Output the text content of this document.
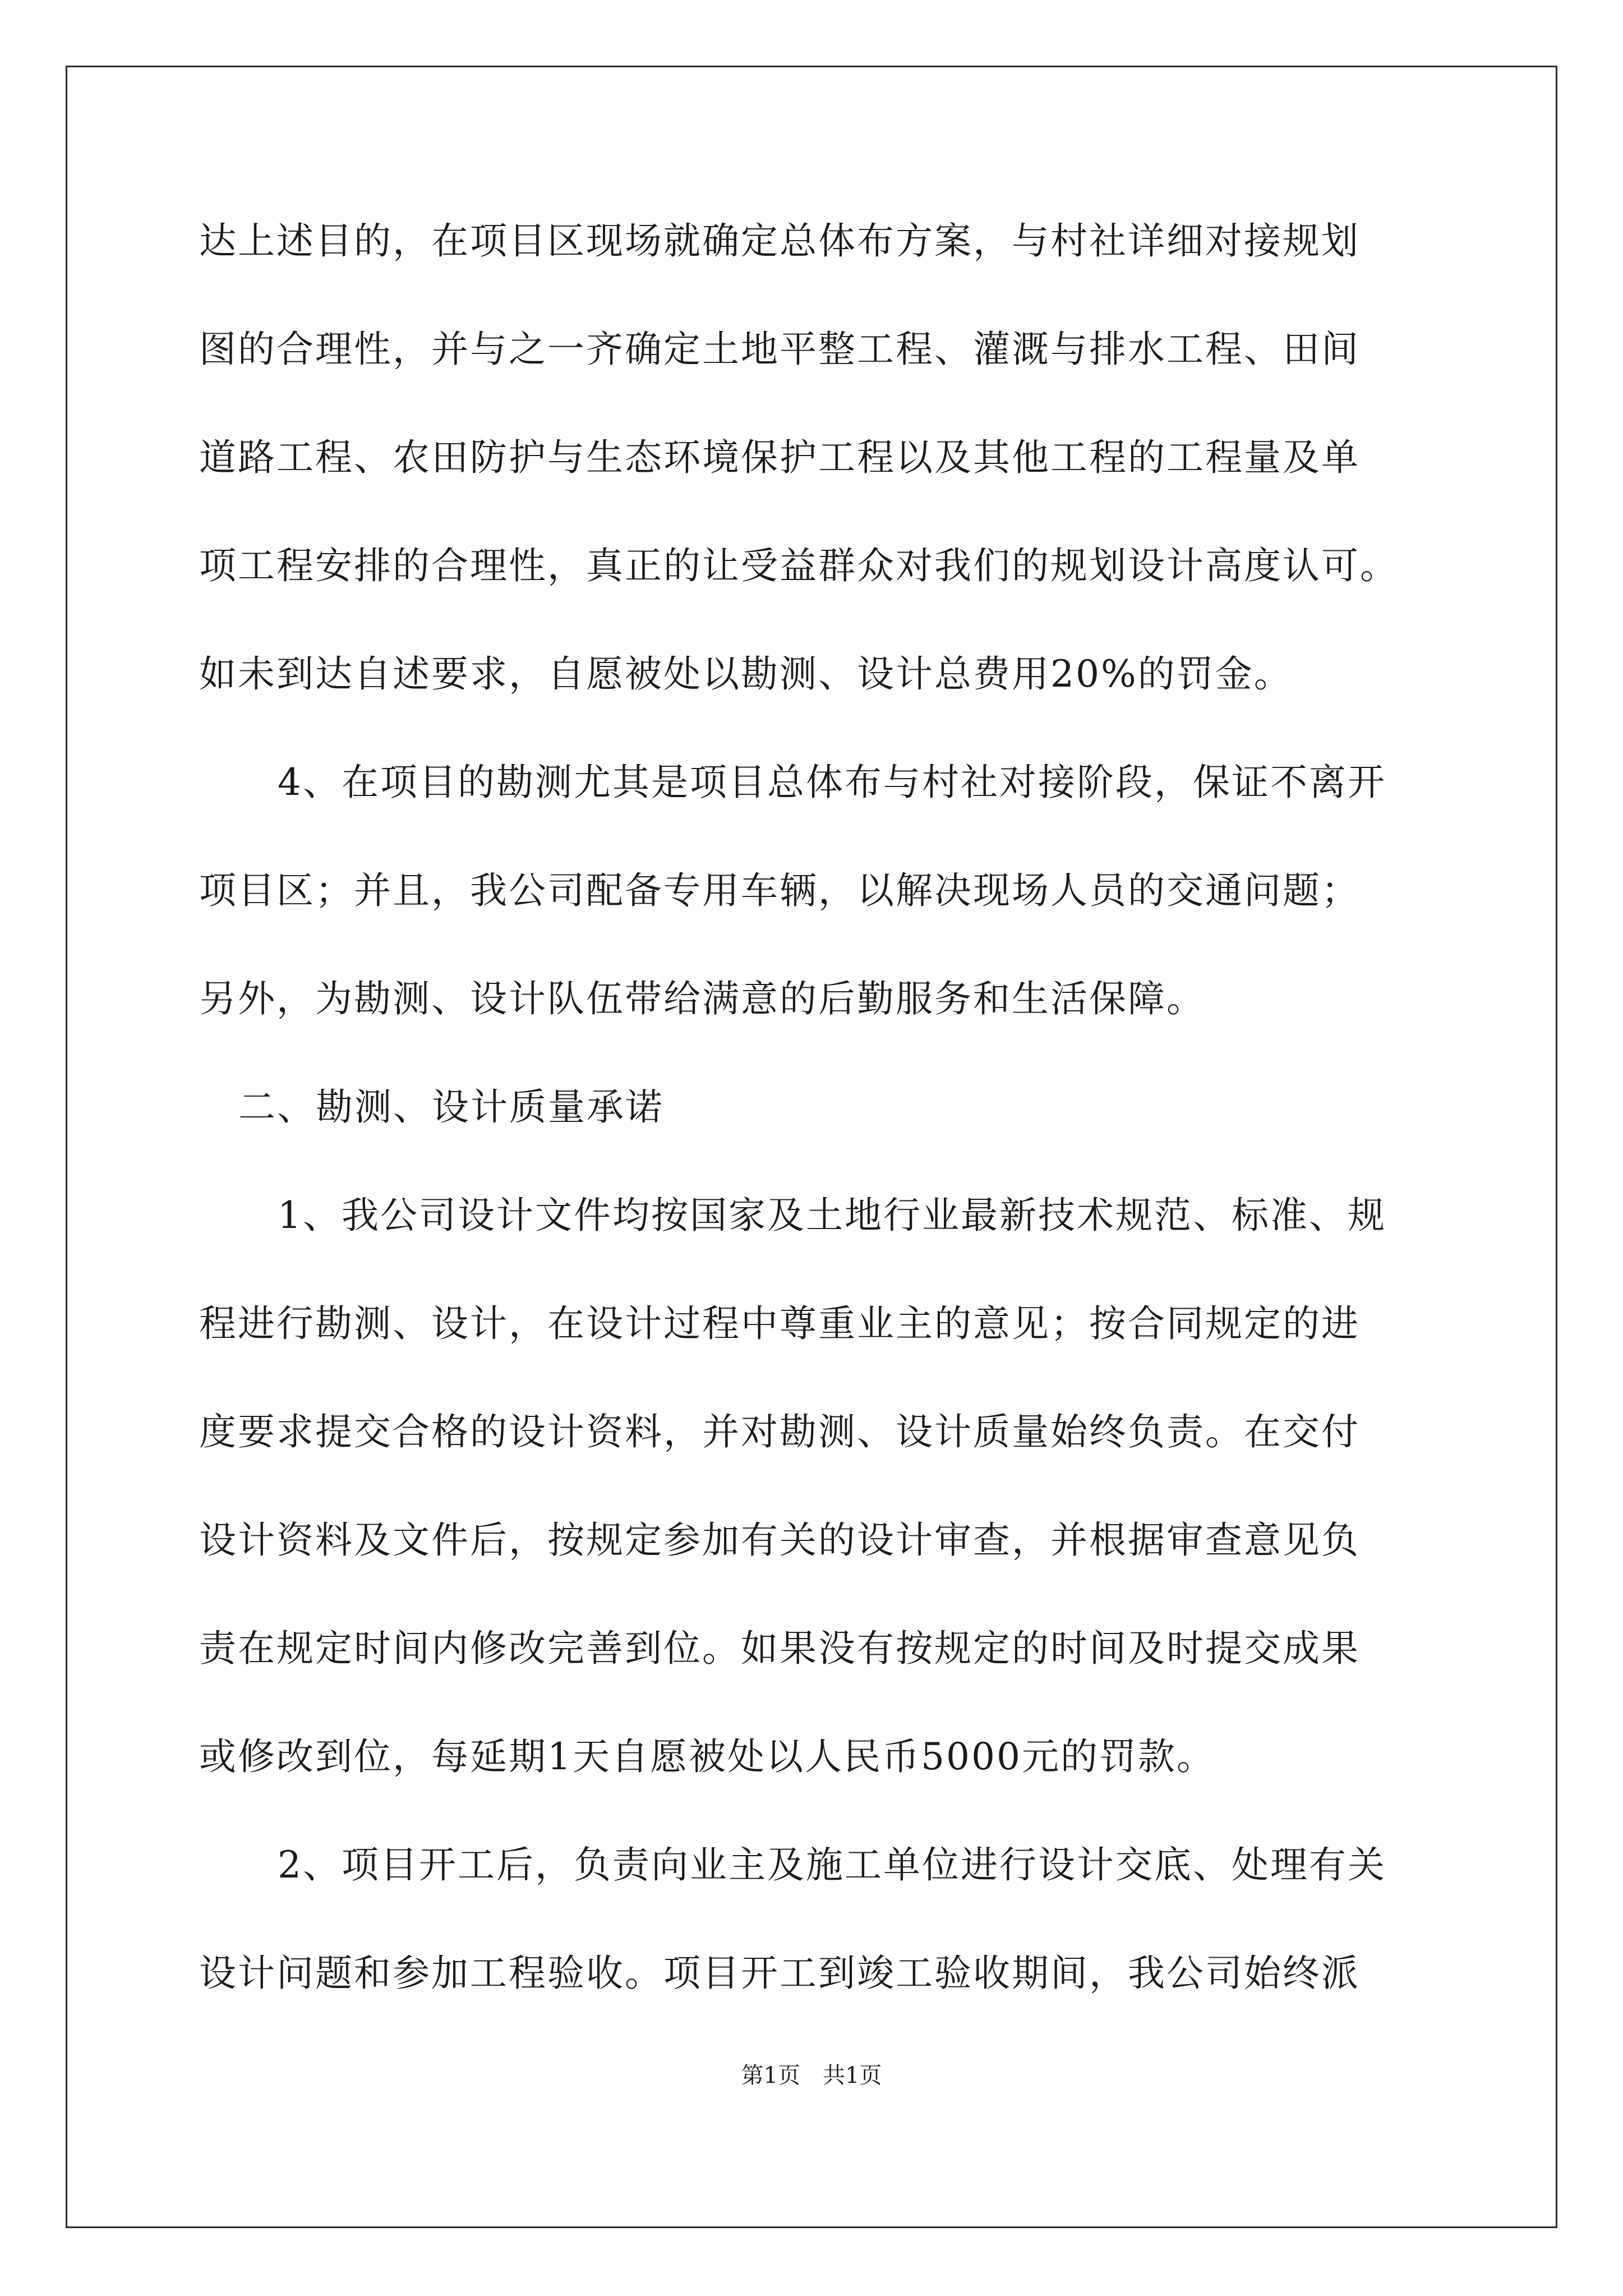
达上述目的，在项目区现场就确定总体布方案，与村社详细对接规划
图的合理性，并与之一齐确定土地平整工程、灌溉与排水工程、田间
道路工程、农田防护与生态环境保护工程以及其他工程的工程量及单
项工程安排的合理性，真正的让受益群众对我们的规划设计高度认可。
如未到达自述要求，自愿被处以勘测、设计总费用20%的罚金。
4、在项目的勘测尤其是项目总体布与村社对接阶段，保证不离开
项目区；并且，我公司配备专用车辆，以解决现场人员的交通问题；
另外，为勘测、设计队伍带给满意的后勤服务和生活保障。
二、勘测、设计质量承诺
1、我公司设计文件均按国家及土地行业最新技术规范、标准、规
程进行勘测、设计，在设计过程中尊重业主的意见；按合同规定的进
度要求提交合格的设计资料，并对勘测、设计质量始终负责。在交付
设计资料及文件后，按规定参加有关的设计审查，并根据审查意见负
责在规定时间内修改完善到位。如果没有按规定的时间及时提交成果
或修改到位，每延期1天自愿被处以人民币5000元的罚款。
2、项目开工后，负责向业主及施工单位进行设计交底、处理有关
设计问题和参加工程验收。项目开工到竣工验收期间，我公司始终派
第1页　共1页
